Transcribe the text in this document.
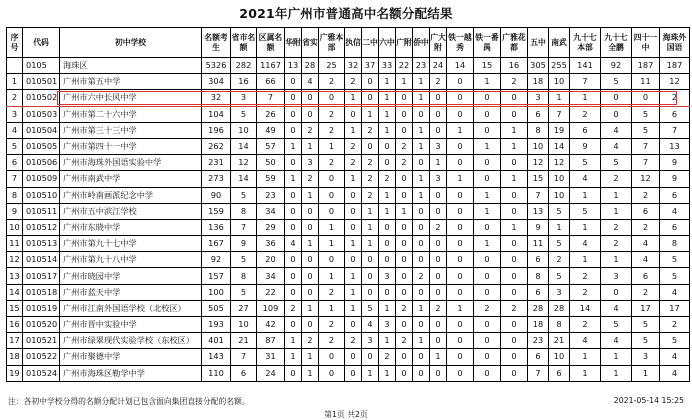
2021年广州市普通高中名额分配结果
序号	代码	初中学校	名额考生	省市名额	区属名额	华附	省实	广雅本部	执信	二中	六中	广附	侨中	广大附	铁一越秀	铁一番禺	广雅花都	五中	南武	九十七本部	九十七全鹏	四十一中	海珠外国语
	0105	海珠区	5326	282	1167	13	28	25	32	37	33	22	23	24	14	15	16	305	255	141	92	187	187
1	010501	广州市第五中学	304	16	66	0	4	2	2	0	1	1	1	2	0	1	2	18	10	7	5	11	12
2	010502	广州市六中长风中学	32	3	7	0	0	0	1	0	1	0	1	0	0	0	0	3	1	1	0	0	2
3	010503	广州市第二十六中学	104	5	26	0	0	2	0	1	1	0	0	0	0	0	0	6	7	2	0	5	6
4	010504	广州市第三十三中学	196	10	49	0	2	2	1	2	1	0	1	0	1	0	1	8	19	6	4	5	7
5	010505	广州市第四十一中学	262	14	57	1	1	1	2	0	0	2	1	3	0	1	1	10	14	9	4	7	13
6	010506	广州市海珠外国语实验中学	231	12	50	0	3	2	2	2	0	2	0	1	0	0	0	12	12	5	5	7	9
7	010509	广州市南武中学	273	14	59	1	2	0	1	2	2	0	1	3	1	0	1	15	10	4	2	12	9
8	010510	广州市岭南画派纪念中学	90	5	23	0	1	0	0	2	1	0	1	0	0	1	0	7	10	1	1	2	6
9	010511	广州市五中滨江学校	159	8	34	0	0	0	0	1	1	1	0	0	0	1	0	13	5	5	1	6	4
10	010512	广州市东晓中学	136	7	29	0	0	1	0	1	0	0	0	2	0	0	1	9	1	1	2	2	6
11	010513	广州市第九十七中学	167	9	36	4	1	1	1	1	0	0	0	0	0	1	0	11	5	4	2	4	8
12	010514	广州市第九十八中学	92	5	20	0	0	0	0	0	0	0	0	0	0	0	0	6	2	1	1	4	5
13	010517	广州市晓园中学	157	8	34	0	0	1	1	0	3	0	2	0	0	0	0	8	5	2	3	6	5
14	010518	广州市蓝天中学	100	5	22	0	0	2	1	0	0	0	0	0	0	0	0	6	3	2	0	2	4
15	010519	广州市江南外国语学校（北校区）	505	27	109	2	1	1	1	5	1	2	1	2	1	2	2	28	28	14	4	17	17
16	010520	广州市晋中实验中学	193	10	42	0	0	2	0	4	3	0	0	0	0	0	0	18	8	2	5	5	2
17	010521	广州市绿翠现代实验学校（东校区）	401	21	87	1	2	2	2	3	1	2	1	0	0	0	0	23	21	4	4	5	5
18	010522	广州市聚德中学	143	7	31	1	1	0	0	0	2	0	0	1	0	0	0	6	10	1	1	3	4
19	010524	广州市海珠区勒学中学	110	6	24	0	1	0	0	1	1	0	0	0	0	0	0	7	6	1	1	1	4
注：各初中学校分得的名额分配计划已包含面向集团直接分配的名额。	2021-05-14 15:25
第1页 共2页
